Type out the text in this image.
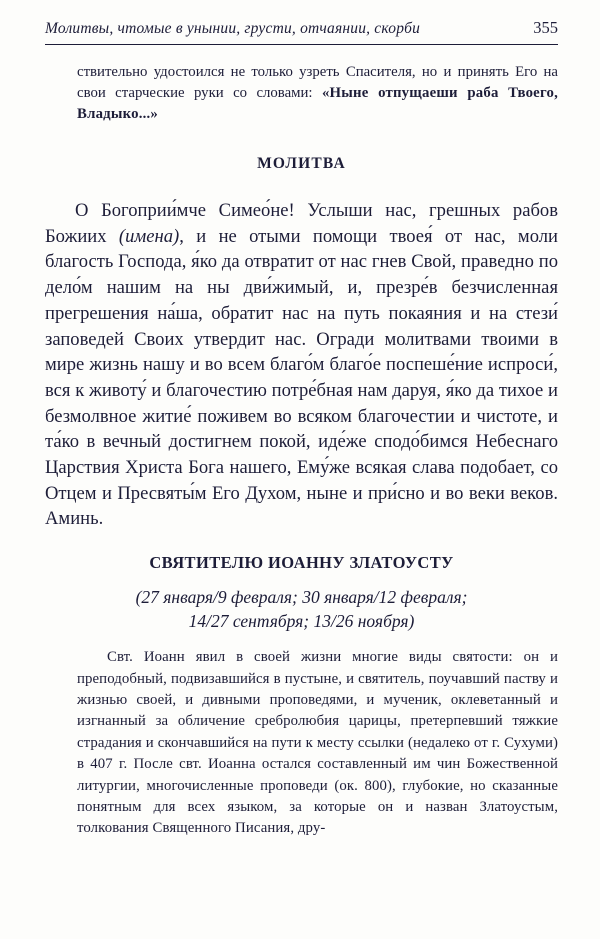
Молитвы, чтомые в унынии, грусти, отчаянии, скорби	355

ствительно удостоился не только узреть Спасителя, но и принять Его на свои старческие руки со словами: «Ныне отпущаеши раба Твоего, Владыко...»

МОЛИТВА

О Богоприи́мче Симео́не! Услыши нас, грешных рабов Божиих (имена), и не отыми помощи твоея́ от нас, моли благость Господа, я́ко да отвратит от нас гнев Свой, праведно по дело́м нашим на ны дви́жимый, и, презре́в безчисленная прегрешения на́ша, обратит нас на путь покаяния и на стези́ заповедей Своих утвердит нас. Огради молитвами твоими в мире жизнь нашу и во всем благо́м благо́е поспеше́ние испроси́, вся к животу́ и благочестию потре́бная нам даруя, я́ко да тихое и безмолвное житие́ поживем во всяком благочестии и чистоте, и та́ко в вечный достигнем покой, иде́же сподо́бимся Небеснаго Царствия Христа Бога нашего, Ему́же всякая слава подобает, со Отцем и Пресвяты́м Его Духом, ныне и при́сно и во веки веков. Аминь.

СВЯТИТЕЛЮ ИОАННУ ЗЛАТОУСТУ

(27 января/9 февраля; 30 января/12 февраля;
14/27 сентября; 13/26 ноября)

Свт. Иоанн явил в своей жизни многие виды святости: он и преподобный, подвизавшийся в пустыне, и святитель, поучавший паству и жизнью своей, и дивными проповедями, и мученик, оклеветанный и изгнанный за обличение сребролюбия царицы, претерпевший тяжкие страдания и скончавшийся на пути к месту ссылки (недалеко от г. Сухуми) в 407 г. После свт. Иоанна остался составленный им чин Божественной литургии, многочисленные проповеди (ок. 800), глубокие, но сказанные понятным для всех языком, за которые он и назван Златоустым, толкования Священного Писания, дру-
